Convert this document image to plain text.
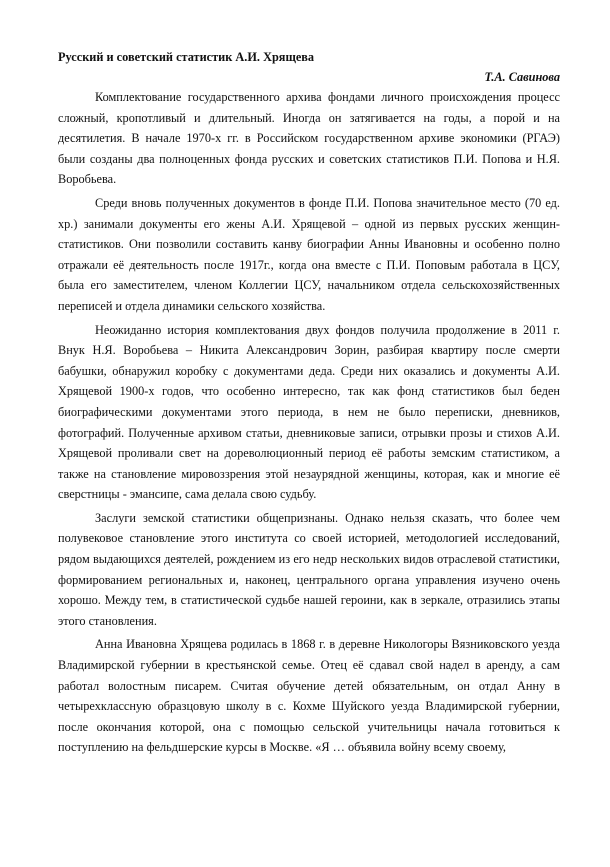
Русский и советский статистик А.И. Хрящева

Т.А. Савинова

Комплектование государственного архива фондами личного происхождения процесс сложный, кропотливый и длительный. Иногда он затягивается на годы, а порой и на десятилетия. В начале 1970-х гг. в Российском государственном архиве экономики (РГАЭ) были созданы два полноценных фонда русских и советских статистиков П.И. Попова и Н.Я. Воробьева.

Среди вновь полученных документов в фонде П.И. Попова значительное место (70 ед. хр.) занимали документы его жены А.И. Хрящевой – одной из первых русских женщин-статистиков. Они позволили составить канву биографии Анны Ивановны и особенно полно отражали её деятельность после 1917г., когда она вместе с П.И. Поповым работала в ЦСУ, была его заместителем, членом Коллегии ЦСУ, начальником отдела сельскохозяйственных переписей и отдела динамики сельского хозяйства.

Неожиданно история комплектования двух фондов получила продолжение в 2011 г. Внук Н.Я. Воробьева – Никита Александрович Зорин, разбирая квартиру после смерти бабушки, обнаружил коробку с документами деда. Среди них оказались и документы А.И. Хрящевой 1900-х годов, что особенно интересно, так как фонд статистиков был беден биографическими документами этого периода, в нем не было переписки, дневников, фотографий. Полученные архивом статьи, дневниковые записи, отрывки прозы и стихов А.И. Хрящевой проливали свет на дореволюционный период её работы земским статистиком, а также на становление мировоззрения этой незаурядной женщины, которая, как и многие её сверстницы - эмансипе, сама делала свою судьбу.

Заслуги земской статистики общепризнаны. Однако нельзя сказать, что более чем полувековое становление этого института со своей историей, методологией исследований, рядом выдающихся деятелей, рождением из его недр нескольких видов отраслевой статистики, формированием региональных и, наконец, центрального органа управления изучено очень хорошо. Между тем, в статистической судьбе нашей героини, как в зеркале, отразились этапы этого становления.

Анна Ивановна Хрящева родилась в 1868 г. в деревне Никологоры Вязниковского уезда Владимирской губернии в крестьянской семье. Отец её сдавал свой надел в аренду, а сам работал волостным писарем. Считая обучение детей обязательным, он отдал Анну в четырехклассную образцовую школу в с. Кохме Шуйского уезда Владимирской губернии, после окончания которой, она с помощью сельской учительницы начала готовиться к поступлению на фельдшерские курсы в Москве. «Я … объявила войну всему своему,
